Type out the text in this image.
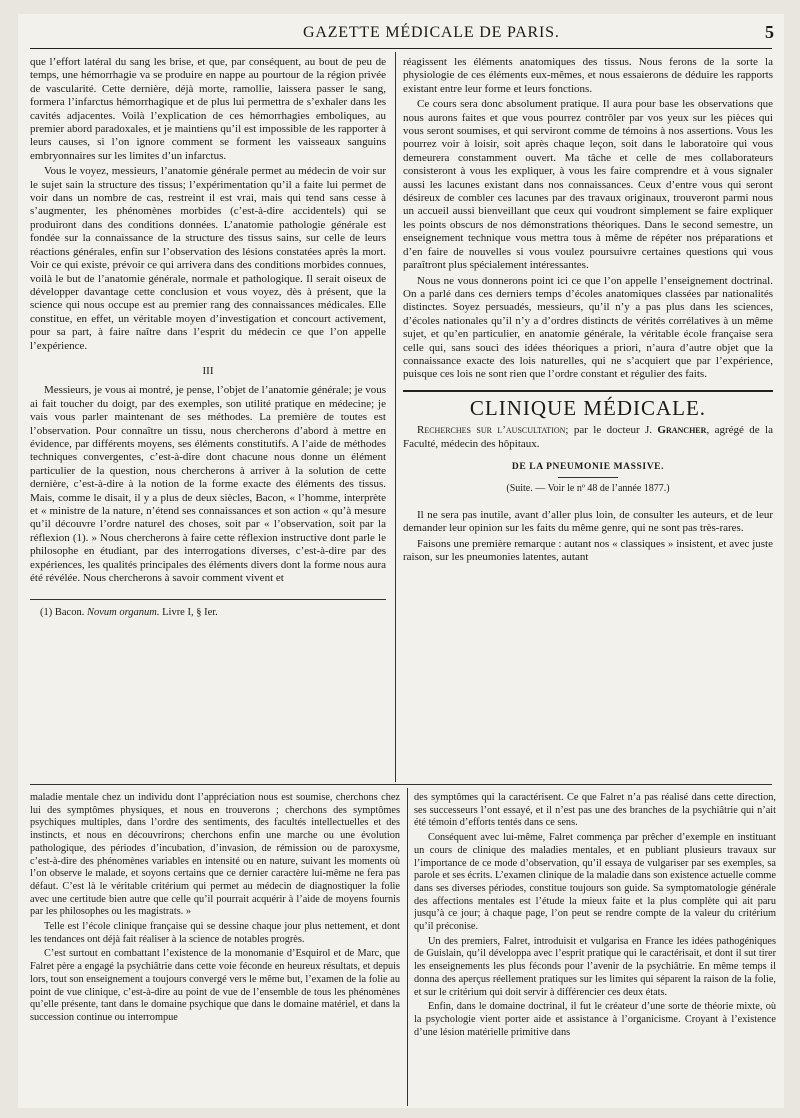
GAZETTE MÉDICALE DE PARIS.	5

que l’effort latéral du sang les brise, et que, par conséquent, au bout de peu de temps, une hémorrhagie va se produire en nappe au pourtour de la région privée de vascularité. Cette dernière, déjà morte, ramollie, laissera passer le sang, formera l’infarctus hémorrhagique et de plus lui permettra de s’exhaler dans les cavités adjacentes. Voilà l’explication de ces hémorrhagies emboliques, au premier abord paradoxales, et je maintiens qu’il est impossible de les rapporter à leurs causes, si l’on ignore comment se forment les vaisseaux sanguins embryonnaires sur les limites d’un infarctus.

Vous le voyez, messieurs, l’anatomie générale permet au médecin de voir sur le sujet sain la structure des tissus; l’expérimentation qu’il a faite lui permet de voir dans un nombre de cas, restreint il est vrai, mais qui tend sans cesse à s’augmenter, les phénomènes morbides (c’est-à-dire accidentels) qui se produiront dans des conditions données. L’anatomie pathologie générale est fondée sur la connaissance de la structure des tissus sains, sur celle de leurs réactions générales, enfin sur l’observation des lésions constatées après la mort. Voir ce qui existe, prévoir ce qui arrivera dans des conditions morbides connues, voilà le but de l’anatomie générale, normale et pathologique. Il serait oiseux de développer davantage cette conclusion et vous voyez, dès à présent, que la science qui nous occupe est au premier rang des connaissances médicales. Elle constitue, en effet, un véritable moyen d’investigation et concourt activement, pour sa part, à faire naître dans l’esprit du médecin ce que l’on appelle l’expérience.

III

Messieurs, je vous ai montré, je pense, l’objet de l’anatomie générale; je vous ai fait toucher du doigt, par des exemples, son utilité pratique en médecine; je vais vous parler maintenant de ses méthodes. La première de toutes est l’observation. Pour connaître un tissu, nous chercherons d’abord à mettre en évidence, par différents moyens, ses éléments constitutifs. A l’aide de méthodes techniques convergentes, c’est-à-dire dont chacune nous donne un élément particulier de la question, nous chercherons à arriver à la solution de cette dernière, c’est-à-dire à la notion de la forme exacte des éléments des tissus. Mais, comme le disait, il y a plus de deux siècles, Bacon, « l’homme, interprète et « ministre de la nature, n’étend ses connaissances et son action « qu’à mesure qu’il découvre l’ordre naturel des choses, soit par « l’observation, soit par la réflexion (1). » Nous chercherons à faire cette réflexion instructive dont parle le philosophe en étudiant, par des interrogations diverses, c’est-à-dire par des expériences, les qualités principales des éléments divers dont la forme nous aura été révélée. Nous chercherons à savoir comment vivent et

(1) Bacon. Novum organum. Livre I, § Ier.

réagissent les éléments anatomiques des tissus. Nous ferons de la sorte la physiologie de ces éléments eux-mêmes, et nous essaierons de déduire les rapports existant entre leur forme et leurs fonctions.

Ce cours sera donc absolument pratique. Il aura pour base les observations que nous aurons faites et que vous pourrez contrôler par vos yeux sur les pièces qui vous seront soumises, et qui serviront comme de témoins à nos assertions. Vous les pourrez voir à loisir, soit après chaque leçon, soit dans le laboratoire qui vous demeurera constamment ouvert. Ma tâche et celle de mes collaborateurs consisteront à vous les expliquer, à vous les faire comprendre et à vous signaler aussi les lacunes existant dans nos connaissances. Ceux d’entre vous qui seront désireux de combler ces lacunes par des travaux originaux, trouveront parmi nous un accueil aussi bienveillant que ceux qui voudront simplement se faire expliquer les points obscurs de nos démonstrations théoriques. Dans le second semestre, un enseignement technique vous mettra tous à même de répéter nos préparations et d’en faire de nouvelles si vous voulez poursuivre certaines questions qui vous paraîtront plus spécialement intéressantes.

Nous ne vous donnerons point ici ce que l’on appelle l’enseignement doctrinal. On a parlé dans ces derniers temps d’écoles anatomiques classées par nationalités distinctes. Soyez persuadés, messieurs, qu’il n’y a pas plus dans les sciences, d’écoles nationales qu’il n’y a d’ordres distincts de vérités corrélatives à un même sujet, et qu’en particulier, en anatomie générale, la véritable école française sera celle qui, sans souci des idées théoriques a priori, n’aura d’autre objet que la connaissance exacte des lois naturelles, qui ne s’acquiert que par l’expérience, puisque ces lois ne sont rien que l’ordre constant et régulier des faits.

CLINIQUE MÉDICALE.

Recherches sur l’auscultation; par le docteur J. Grancher, agrégé de la Faculté, médecin des hôpitaux.

DE LA PNEUMONIE MASSIVE.
(Suite. — Voir le nº 48 de l’année 1877.)

Il ne sera pas inutile, avant d’aller plus loin, de consulter les auteurs, et de leur demander leur opinion sur les faits du même genre, qui ne sont pas très-rares.

Faisons une première remarque : autant nos « classiques » insistent, et avec juste raison, sur les pneumonies latentes, autant

maladie mentale chez un individu dont l’appréciation nous est soumise, cherchons chez lui des symptômes physiques, et nous en trouverons ; cherchons des symptômes psychiques multiples, dans l’ordre des sentiments, des facultés intellectuelles et des instincts, et nous en découvrirons; cherchons enfin une marche ou une évolution pathologique, des périodes d’incubation, d’invasion, de rémission ou de paroxysme, c’est-à-dire des phénomènes variables en intensité ou en nature, suivant les moments où l’on observe le malade, et soyons certains que ce dernier caractère lui-même ne fera pas défaut. C’est là le véritable critérium qui permet au médecin de diagnostiquer la folie avec une certitude bien autre que celle qu’il pourrait acquérir à l’aide de moyens fournis par les philosophes ou les magistrats. »

Telle est l’école clinique française qui se dessine chaque jour plus nettement, et dont les tendances ont déjà fait réaliser à la science de notables progrès.

C’est surtout en combattant l’existence de la monomanie d’Esquirol et de Marc, que Falret père a engagé la psychiâtrie dans cette voie féconde en heureux résultats, et depuis lors, tout son enseignement a toujours convergé vers le même but, l’examen de la folie au point de vue clinique, c’est-à-dire au point de vue de l’ensemble de tous les phénomènes qu’elle présente, tant dans le domaine psychique que dans le domaine matériel, et dans la succession continue ou interrompue

des symptômes qui la caractérisent. Ce que Falret n’a pas réalisé dans cette direction, ses successeurs l’ont essayé, et il n’est pas une des branches de la psychiâtrie qui n’ait été témoin d’efforts tentés dans ce sens.

Conséquent avec lui-même, Falret commença par prêcher d’exemple en instituant un cours de clinique des maladies mentales, et en publiant plusieurs travaux sur l’importance de ce mode d’observation, qu’il essaya de vulgariser par ses exemples, sa parole et ses écrits. L’examen clinique de la maladie dans son existence actuelle comme dans ses diverses périodes, constitue toujours son guide. Sa symptomatologie générale des affections mentales est l’étude la mieux faite et la plus complète qui ait paru jusqu’à ce jour; à chaque page, l’on peut se rendre compte de la valeur du critérium qu’il préconise.

Un des premiers, Falret, introduisit et vulgarisa en France les idées pathogéniques de Guislain, qu’il développa avec l’esprit pratique qui le caractérisait, et dont il sut tirer les enseignements les plus féconds pour l’avenir de la psychiâtrie. En même temps il donna des aperçus réellement pratiques sur les limites qui séparent la raison de la folie, et sur le critérium qui doit servir à différencier ces deux états.

Enfin, dans le domaine doctrinal, il fut le créateur d’une sorte de théorie mixte, où la psychologie vient porter aide et assistance à l’organicisme. Croyant à l’existence d’une lésion matérielle primitive dans
